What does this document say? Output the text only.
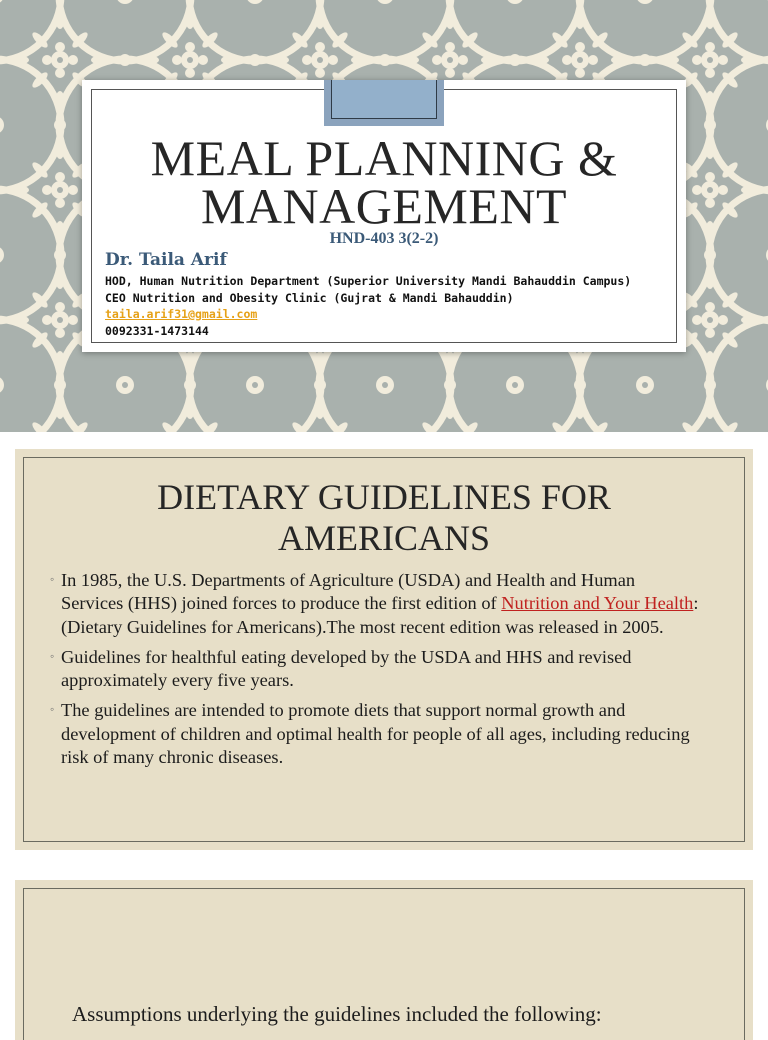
MEAL PLANNING &
MANAGEMENT
HND-403 3(2-2)
Dr. Taila Arif
HOD, Human Nutrition Department (Superior University Mandi Bahauddin Campus)
CEO Nutrition and Obesity Clinic (Gujrat & Mandi Bahauddin)
taila.arif31@gmail.com
0092331-1473144
DIETARY GUIDELINES FOR
AMERICANS
◦ In 1985, the U.S. Departments of Agriculture (USDA) and Health and Human Services (HHS) joined forces to produce the first edition of Nutrition and Your Health: (Dietary Guidelines for Americans).The most recent edition was released in 2005.
◦ Guidelines for healthful eating developed by the USDA and HHS and revised approximately every five years.
◦ The guidelines are intended to promote diets that support normal growth and development of children and optimal health for people of all ages, including reducing risk of many chronic diseases.
Assumptions underlying the guidelines included the following:
